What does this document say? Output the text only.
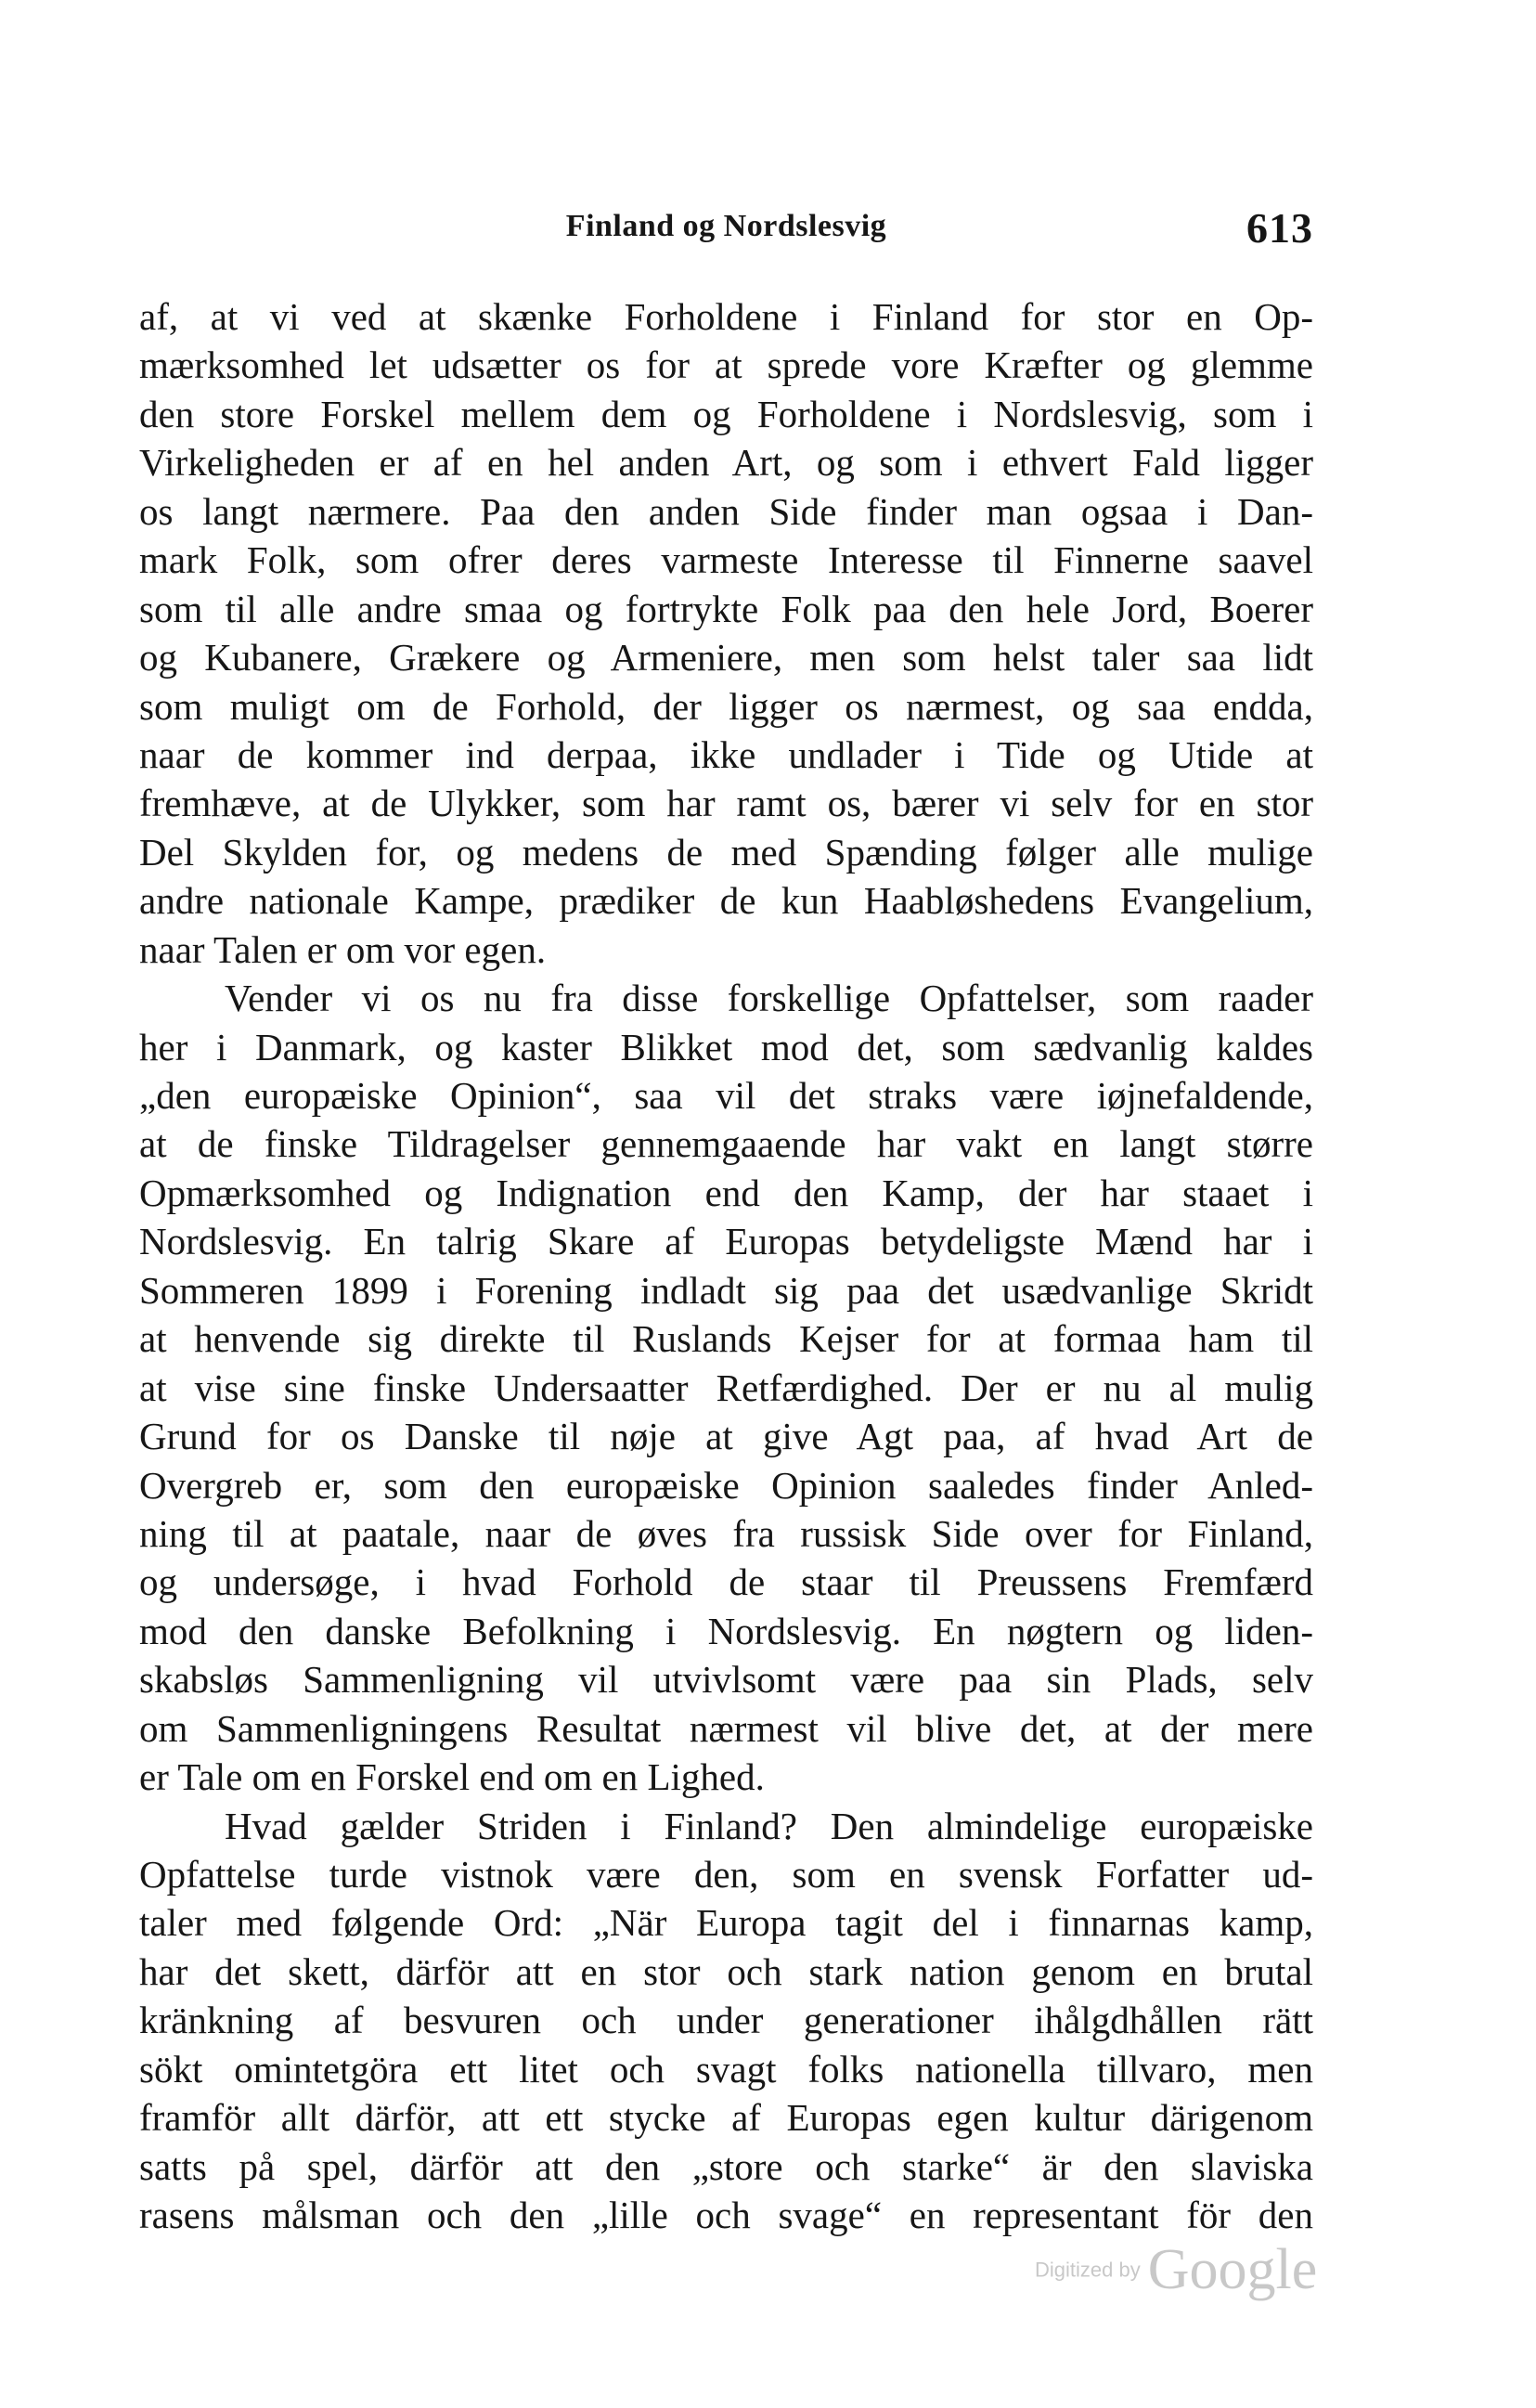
Finland og Nordslesvig	613
af, at vi ved at skænke Forholdene i Finland for stor en Op-
mærksomhed let udsætter os for at sprede vore Kræfter og glemme
den store Forskel mellem dem og Forholdene i Nordslesvig, som i
Virkeligheden er af en hel anden Art, og som i ethvert Fald ligger
os langt nærmere. Paa den anden Side finder man ogsaa i Dan-
mark Folk, som ofrer deres varmeste Interesse til Finnerne saavel
som til alle andre smaa og fortrykte Folk paa den hele Jord, Boerer
og Kubanere, Grækere og Armeniere, men som helst taler saa lidt
som muligt om de Forhold, der ligger os nærmest, og saa endda,
naar de kommer ind derpaa, ikke undlader i Tide og Utide at
fremhæve, at de Ulykker, som har ramt os, bærer vi selv for en stor
Del Skylden for, og medens de med Spænding følger alle mulige
andre nationale Kampe, prædiker de kun Haabløshedens Evangelium,
naar Talen er om vor egen.
Vender vi os nu fra disse forskellige Opfattelser, som raader
her i Danmark, og kaster Blikket mod det, som sædvanlig kaldes
„den europæiske Opinion“, saa vil det straks være iøjnefaldende,
at de finske Tildragelser gennemgaaende har vakt en langt større
Opmærksomhed og Indignation end den Kamp, der har staaet i
Nordslesvig. En talrig Skare af Europas betydeligste Mænd har i
Sommeren 1899 i Forening indladt sig paa det usædvanlige Skridt
at henvende sig direkte til Ruslands Kejser for at formaa ham til
at vise sine finske Undersaatter Retfærdighed. Der er nu al mulig
Grund for os Danske til nøje at give Agt paa, af hvad Art de
Overgreb er, som den europæiske Opinion saaledes finder Anled-
ning til at paatale, naar de øves fra russisk Side over for Finland,
og undersøge, i hvad Forhold de staar til Preussens Fremfærd
mod den danske Befolkning i Nordslesvig. En nøgtern og liden-
skabsløs Sammenligning vil utvivlsomt være paa sin Plads, selv
om Sammenligningens Resultat nærmest vil blive det, at der mere
er Tale om en Forskel end om en Lighed.
Hvad gælder Striden i Finland? Den almindelige europæiske
Opfattelse turde vistnok være den, som en svensk Forfatter ud-
taler med følgende Ord: „När Europa tagit del i finnarnas kamp,
har det skett, därför att en stor och stark nation genom en brutal
kränkning af besvuren och under generationer ihålgdhållen rätt
sökt omintetgöra ett litet och svagt folks nationella tillvaro, men
framför allt därför, att ett stycke af Europas egen kultur därigenom
satts på spel, därför att den „store och starke“ är den slaviska
rasens målsman och den „lille och svage“ en representant för den
Digitized by Google
